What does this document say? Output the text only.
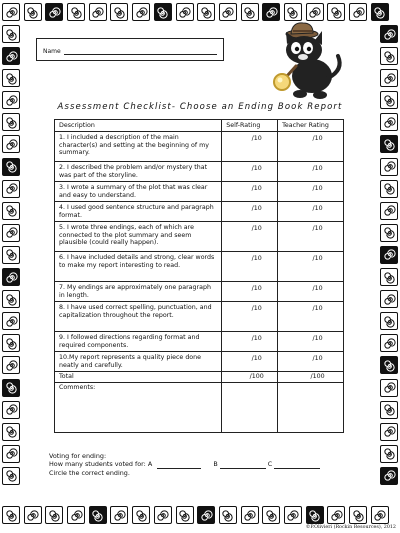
Name
Assessment Checklist- Choose an Ending Book Report
Description	Self-Rating	Teacher Rating
1. I included a description of the main character(s) and setting at the beginning of my summary.	/10	/10
2. I described the problem and/or mystery that was part of the storyline.	/10	/10
3. I wrote a summary of the plot that was clear and easy to understand.	/10	/10
4. I used good sentence structure and paragraph format.	/10	/10
5. I wrote three endings, each of which are connected to the plot summary and seem plausible (could really happen).	/10	/10
6. I have included details and strong, clear words to make my report interesting to read.	/10	/10
7. My endings are approximately one paragraph in length.	/10	/10
8. I have used correct spelling, punctuation, and capitalization throughout the report.	/10	/10
9. I followed directions regarding format and required components.	/10	/10
10.My report represents a quality piece done neatly and carefully.	/10	/10
Total	/100	/100
Comments:		
Voting for ending:
How many students voted for: A	B	C
Circle the correct ending.
©P.Olivieri (Rockin Resources), 2012
